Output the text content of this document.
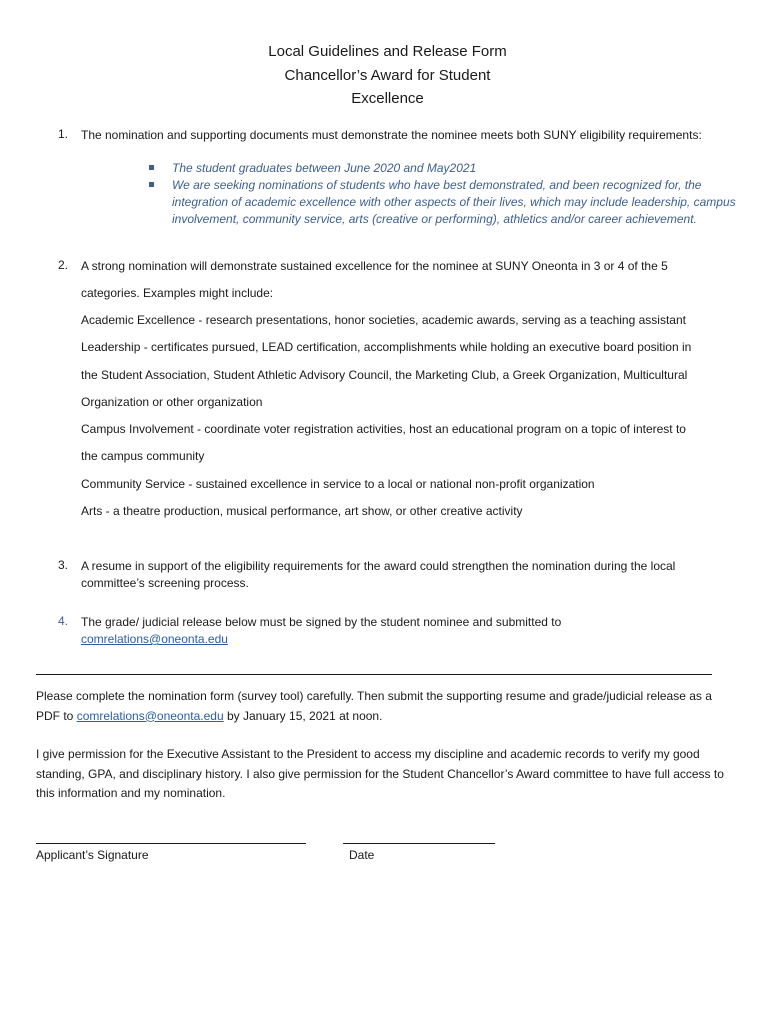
Local Guidelines and Release Form
Chancellor’s Award for Student
Excellence
1. The nomination and supporting documents must demonstrate the nominee meets both SUNY eligibility requirements:
The student graduates between June 2020 and May2021
We are seeking nominations of students who have best demonstrated, and been recognized for, the integration of academic excellence with other aspects of their lives, which may include leadership, campus involvement, community service, arts (creative or performing), athletics and/or career achievement.
2. A strong nomination will demonstrate sustained excellence for the nominee at SUNY Oneonta in 3 or 4 of the 5
categories. Examples might include:
Academic Excellence - research presentations, honor societies, academic awards, serving as a teaching assistant
Leadership - certificates pursued, LEAD certification, accomplishments while holding an executive board position in
the Student Association, Student Athletic Advisory Council, the Marketing Club, a Greek Organization, Multicultural
Organization or other organization
Campus Involvement - coordinate voter registration activities, host an educational program on a topic of interest to
the campus community
Community Service - sustained excellence in service to a local or national non-profit organization
Arts - a theatre production, musical performance, art show, or other creative activity
3. A resume in support of the eligibility requirements for the award could strengthen the nomination during the local committee’s screening process.
4. The grade/ judicial release below must be signed by the student nominee and submitted to
comrelations@oneonta.edu
Please complete the nomination form (survey tool) carefully. Then submit the supporting resume and grade/judicial release as a PDF to comrelations@oneonta.edu by January 15, 2021 at noon.
I give permission for the Executive Assistant to the President to access my discipline and academic records to verify my good standing, GPA, and disciplinary history. I also give permission for the Student Chancellor’s Award committee to have full access to this information and my nomination.
Applicant’s Signature	Date
